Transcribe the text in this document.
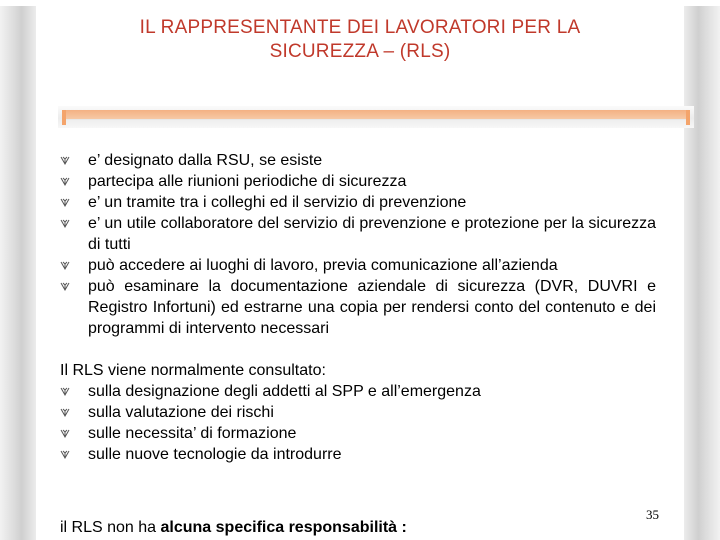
IL RAPPRESENTANTE DEI LAVORATORI PER LA
SICUREZZA – (RLS)
e’ designato dalla RSU, se esiste
partecipa alle riunioni periodiche di sicurezza
e’ un tramite tra i colleghi ed il servizio di prevenzione
e’ un utile collaboratore del servizio di prevenzione e protezione per la sicurezza di tutti
può accedere ai luoghi di lavoro, previa comunicazione all’azienda
può esaminare la documentazione aziendale di sicurezza (DVR, DUVRI e Registro Infortuni) ed estrarne una copia per rendersi conto del contenuto e dei programmi di intervento necessari

Il RLS viene normalmente consultato:

sulla designazione degli addetti al SPP e all’emergenza
sulla valutazione dei rischi
sulle necessita’ di formazione
sulle nuove tecnologie da introdurre
il RLS non ha alcuna specifica responsabilità :
35
